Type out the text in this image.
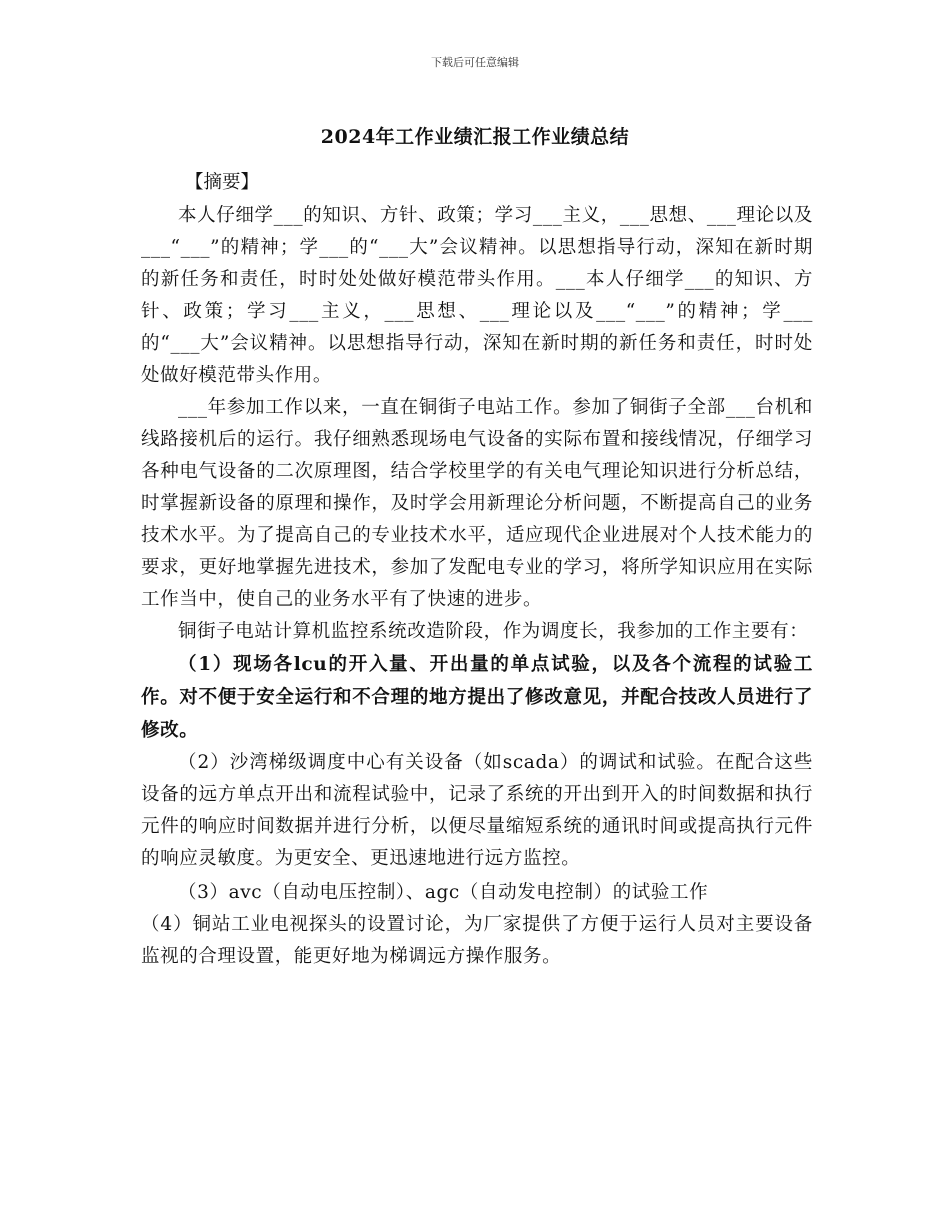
下载后可任意编辑
2024年工作业绩汇报工作业绩总结
【摘要】

本人仔细学___的知识、方针、政策；学习___主义，___思想、___理论以及___“___”的精神；学___的“___大”会议精神。以思想指导行动，深知在新时期的新任务和责任，时时处处做好模范带头作用。___本人仔细学___的知识、方针、政策；学习___主义，___思想、___理论以及___“___”的精神；学___的“___大”会议精神。以思想指导行动，深知在新时期的新任务和责任，时时处处做好模范带头作用。

___年参加工作以来，一直在铜街子电站工作。参加了铜街子全部___台机和线路接机后的运行。我仔细熟悉现场电气设备的实际布置和接线情况，仔细学习各种电气设备的二次原理图，结合学校里学的有关电气理论知识进行分析总结，时掌握新设备的原理和操作，及时学会用新理论分析问题，不断提高自己的业务技术水平。为了提高自己的专业技术水平，适应现代企业进展对个人技术能力的要求，更好地掌握先进技术，参加了发配电专业的学习，将所学知识应用在实际工作当中，使自己的业务水平有了快速的进步。

铜街子电站计算机监控系统改造阶段，作为调度长，我参加的工作主要有：

（1）现场各lcu的开入量、开出量的单点试验，以及各个流程的试验工作。对不便于安全运行和不合理的地方提出了修改意见，并配合技改人员进行了修改。

（2）沙湾梯级调度中心有关设备（如scada）的调试和试验。在配合这些设备的远方单点开出和流程试验中，记录了系统的开出到开入的时间数据和执行元件的响应时间数据并进行分析，以便尽量缩短系统的通讯时间或提高执行元件的响应灵敏度。为更安全、更迅速地进行远方监控。

（3）avc（自动电压控制）、agc（自动发电控制）的试验工作

（4）铜站工业电视探头的设置讨论，为厂家提供了方便于运行人员对主要设备监视的合理设置，能更好地为梯调远方操作服务。
